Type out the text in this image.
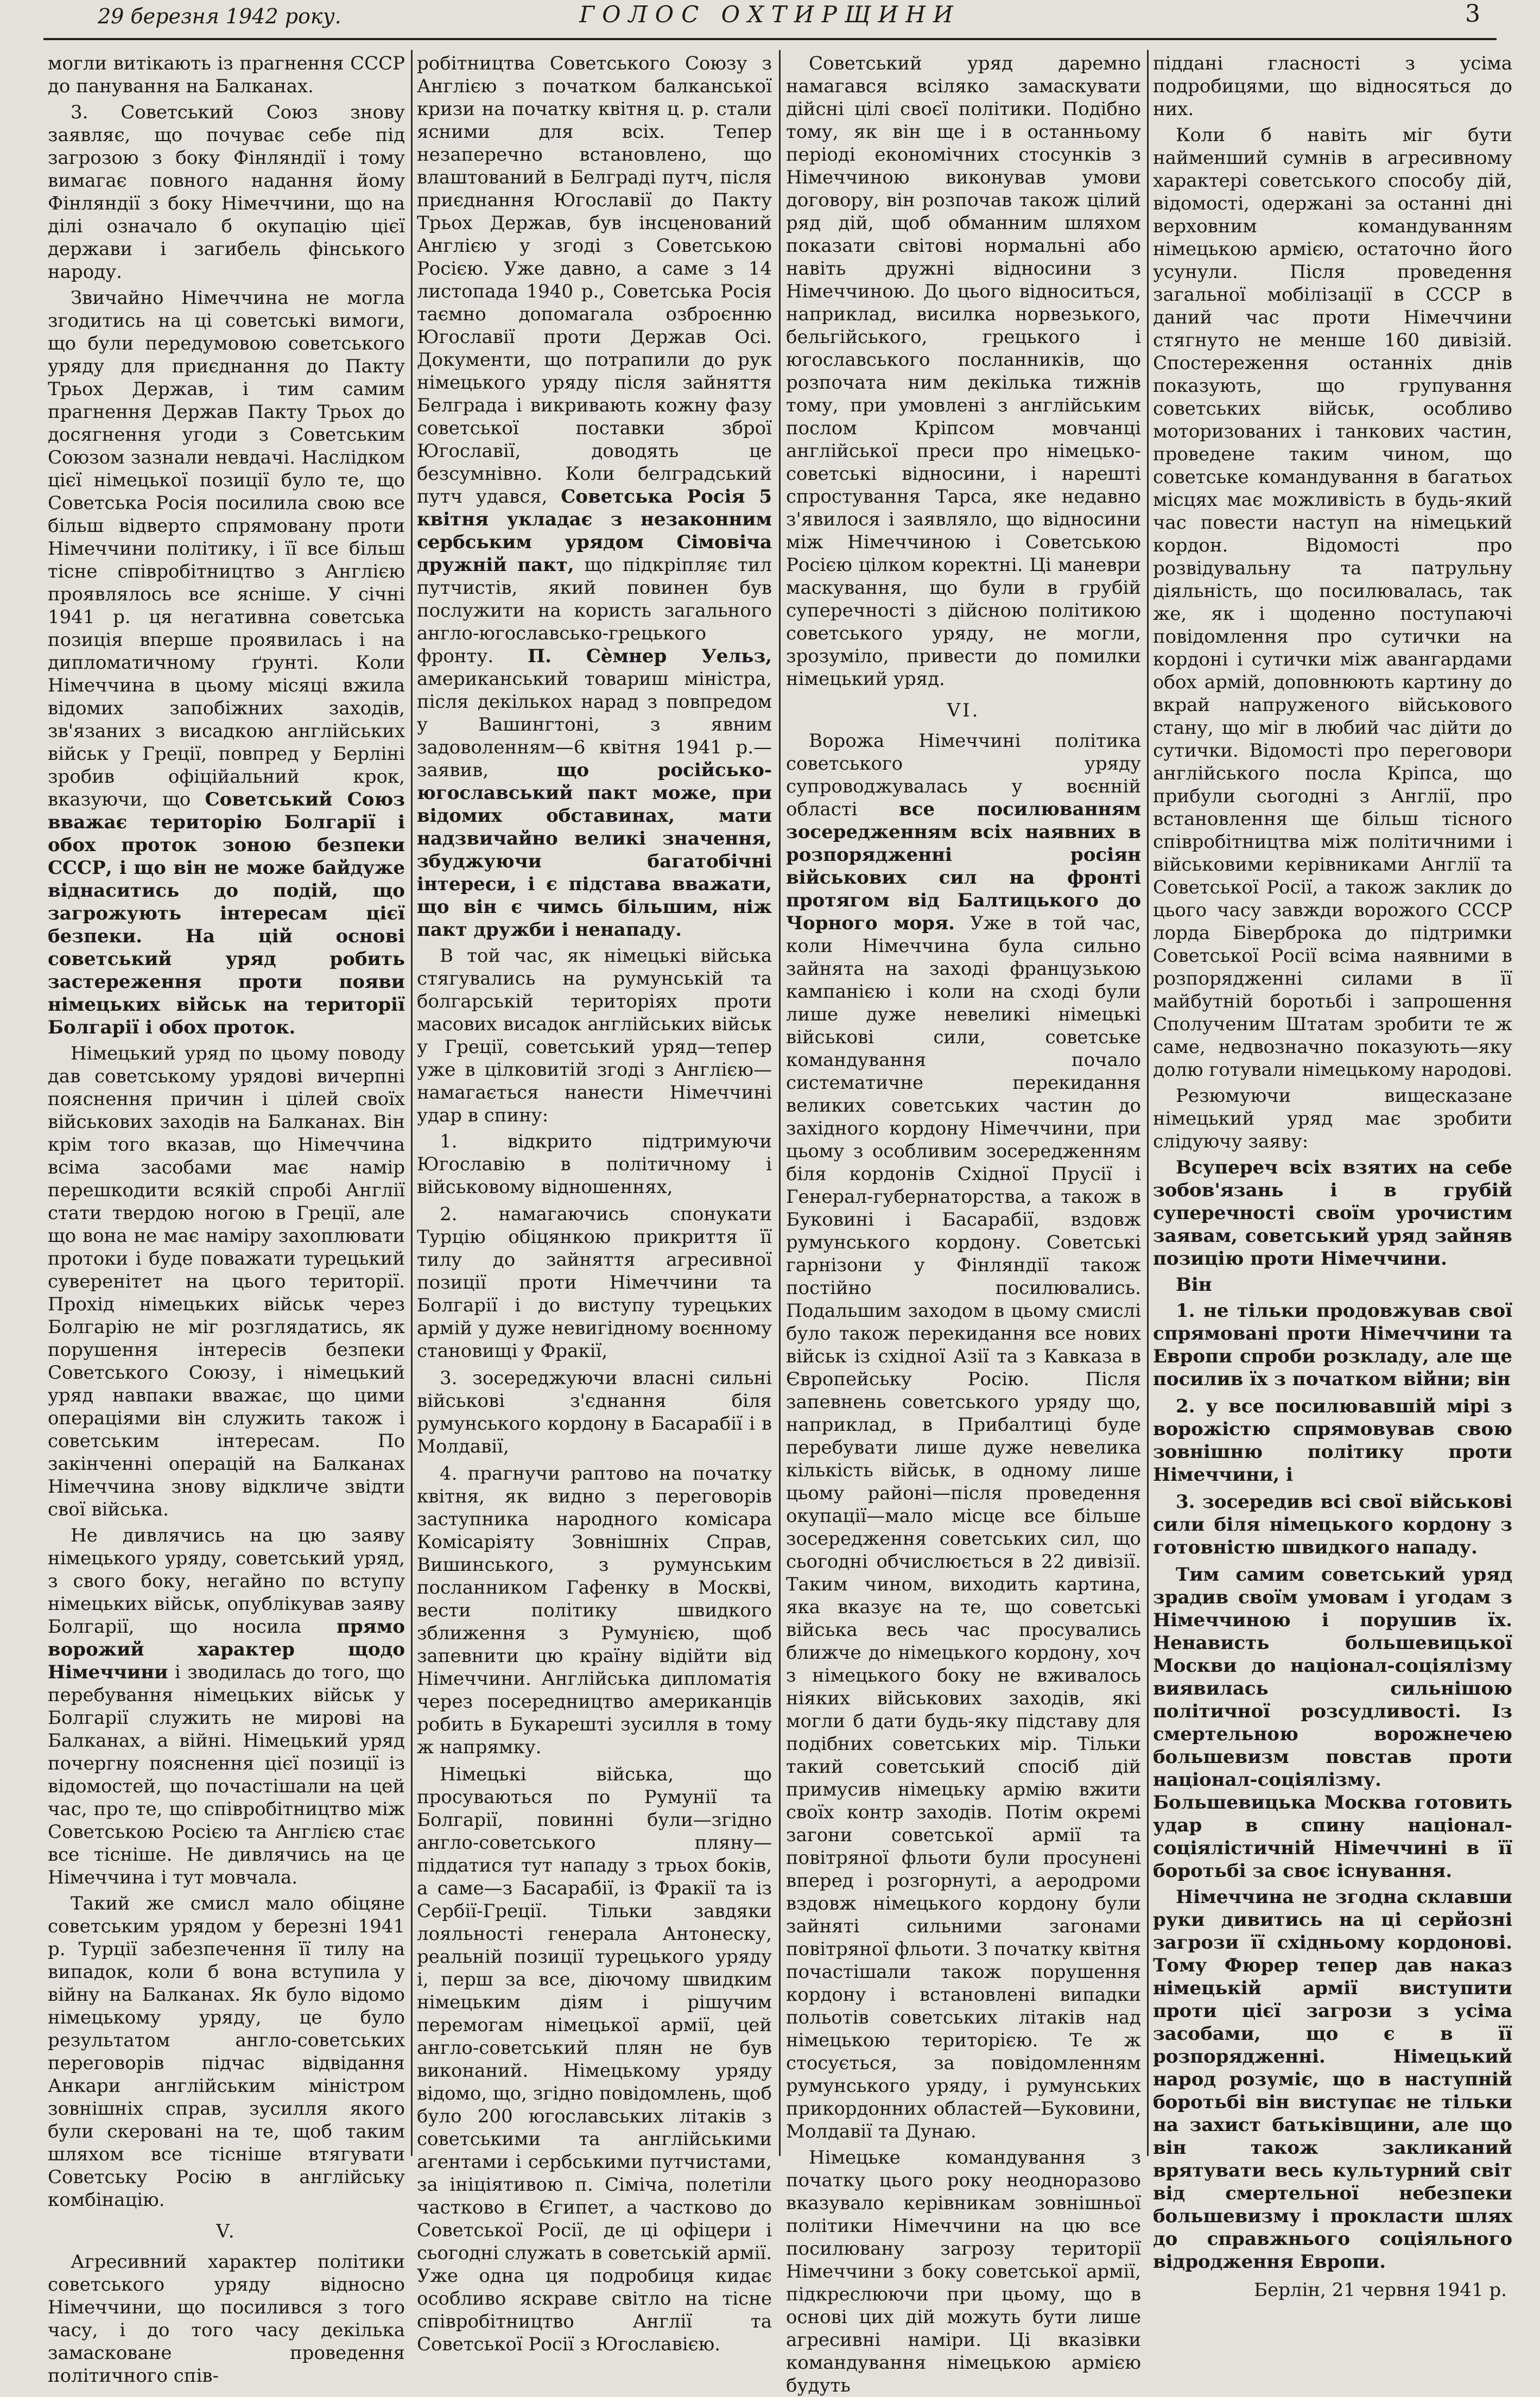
29 березня 1942 року.	ГОЛОС ОХТИРЩИНИ	3

могли витікають із прагнення СССР до панування на Балканах.

3. Советський Союз знову заявляє, що почуває себе під загрозою з боку Фінляндії і тому вимагає повного надання йому Фінляндії з боку Німеччини, що на ділі означало б окупацію цієї держави і загибель фінського народу.

Звичайно Німеччина не могла згодитись на ці советські вимоги, що були передумовою советського уряду для приєднання до Пакту Трьох Держав, і тим самим прагнення Держав Пакту Трьох до досягнення угоди з Советським Союзом зазнали невдачі. Наслідком цієї німецької позиції було те, що Советська Росія посилила свою все більш відверто спрямовану проти Німеччини політику, і її все більш тісне співробітництво з Англією проявлялось все ясніше. У січні 1941 р. ця негативна советська позиція вперше проявилась і на дипломатичному ґрунті. Коли Німеччина в цьому місяці вжила відомих запобіжних заходів, зв'язаних з висадкою англійських військ у Греції, повпред у Берліні зробив офіційальний крок, вказуючи, що Советський Союз вважає територію Болгарії і обох проток зоною безпеки СССР, і що він не може байдуже віднаситись до подій, що загрожують інтересам цієї безпеки. На цій основі советський уряд робить застереження проти появи німецьких військ на території Болгарії і обох проток.

Німецький уряд по цьому поводу дав советському урядові вичерпні пояснення причин і цілей своїх військових заходів на Балканах. Він крім того вказав, що Німеччина всіма засобами має намір перешкодити всякій спробі Англії стати твердою ногою в Греції, але що вона не має наміру захоплювати протоки і буде поважати турецький суверенітет на цього території. Прохід німецьких військ через Болгарію не міг розглядатись, як порушення інтересів безпеки Советського Союзу, і німецький уряд навпаки вважає, що цими операціями він служить також і советським інтересам. По закінченні операцій на Балканах Німеччина знову відкличе звідти свої війська.

Не дивлячись на цю заяву німецького уряду, советський уряд, з свого боку, негайно по вступу німецьких військ, опублікував заяву Болгарії, що носила прямо ворожий характер щодо Німеччини і зводилась до того, що перебування німецьких військ у Болгарії служить не мирові на Балканах, а війні. Німецький уряд почергну пояснення цієї позиції із відомостей, що почастішали на цей час, про те, що співробітництво між Советською Росією та Англією стає все тісніше. Не дивлячись на це Німеччина і тут мовчала.

Такий же смисл мало обіцяне советським урядом у березні 1941 р. Турції забезпечення її тилу на випадок, коли б вона вступила у війну на Балканах. Як було відомо німецькому уряду, це було результатом англо-советських переговорів підчас відвідання Анкари англійським міністром зовнішніх справ, зусилля якого були скеровані на те, щоб таким шляхом все тісніше втягувати Советську Росію в англійську комбінацію.

V.

Агресивний характер політики советського уряду відносно Німеччини, що посилився з того часу, і до того часу декілька замасковане проведення політичного спів-

робітництва Советського Союзу з Англією з початком балканської кризи на початку квітня ц. р. стали ясними для всіх. Тепер незаперечно встановлено, що влаштований в Белграді путч, після приєднання Югославії до Пакту Трьох Держав, був інсценований Англією у згоді з Советською Росією. Уже давно, а саме з 14 листопада 1940 р., Советська Росія таємно допомагала озброєнню Югославії проти Держав Осі. Документи, що потрапили до рук німецького уряду після зайняття Белграда і викривають кожну фазу советської поставки зброї Югославії, доводять це безсумнівно. Коли белградський путч удався, Советська Росія 5 квітня укладає з незаконним сербським урядом Сімовіча дружній пакт, що підкріпляє тил путчистів, який повинен був послужити на користь загального англо-югославсько-грецького фронту. П. Сѐмнер Уельз, американський товариш міністра, після декількох нарад з повпредом у Вашингтоні, з явним задоволенням—6 квітня 1941 р.—заявив,	що російсько-югославський пакт може, при відомих обставинах, мати надзвичайно великі значення, збуджуючи багатобічні інтереси, і є підстава вважати, що він є чимсь більшим, ніж пакт дружби і ненападу.

В той час, як німецькі війська стягувались на румунській та болгарській територіях проти масових висадок англійських військ у Греції, советський уряд—тепер уже в цілковитій згоді з Англією—намагається нанести Німеччині удар в спину:

1. відкрито підтримуючи Югославію в політичному і військовому відношеннях,

2. намагаючись спонукати Турцію обіцянкою прикриття її тилу до зайняття агресивної позиції проти Німеччини та Болгарії і до виступу турецьких армій у дуже невигідному воєнному становищі у Фракії,

3. зосереджуючи власні сильні військові з'єднання біля румунського кордону в Басарабії і в Молдавії,

4. прагнучи раптово на початку квітня, як видно з переговорів заступника народного комісара Комісаріяту Зовнішніх Справ, Вишинського, з румунським посланником Гафенку в Москві, вести політику швидкого зближення з Румунією, щоб запевнити цю країну відійти від Німеччини. Англійська дипломатія через посередництво американців робить в Букарешті зусилля в тому ж напрямку.

Німецькі війська, що просуваються по Румунії та Болгарії, повинні були—згідно англо-советського пляну—піддатися тут нападу з трьох боків, а саме—з Басарабії, із Фракії та із Сербії-Греції. Тільки завдяки лояльності генерала Антонеску, реальній позиції турецького уряду і, перш за все, діючому швидким німецьким діям і рішучим перемогам німецької армії, цей англо-советський плян не був виконаний. Німецькому уряду відомо, що, згідно повідомлень, щоб було 200 югославських літаків з советськими та англійськими агентами і сербськими путчистами, за ініціятивою п. Сіміча, полетіли частково в Єгипет, а частково до Советської Росії, де ці офіцери і сьогодні служать в советській армії. Уже одна ця подробиця кидає особливо яскраве світло на тісне співробітництво Англії та Советської Росії з Югославією.

Советський уряд даремно намагався всіляко замаскувати дійсні цілі своєї політики. Подібно тому, як він ще і в останньому періоді економічних стосунків з Німеччиною виконував умови договору, він розпочав також цілий ряд дій, щоб обманним шляхом показати світові нормальні або навіть дружні відносини з Німеччиною. До цього відноситься, наприклад, висилка норвезького, бельгійського, грецького і югославського посланників, що розпочата ним декілька тижнів тому, при умовлені з англійським послом Кріпсом мовчанці англійської преси про німецько-советські відносини, і нарешті спростування Тарса, яке недавно з'явилося і заявляло, що відносини між Німеччиною і Советською Росією цілком коректні. Ці маневри маскування, що були в грубій суперечності з дійсною політикою советського уряду, не могли, зрозуміло, привести до помилки німецький уряд.

VI.

Ворожа Німеччині політика советського уряду супроводжувалась у воєнній області все посилюванням зосередженням всіх наявних в розпорядженні росіян військових сил на фронті протягом від Балтицького до Чорного моря. Уже в той час, коли Німеччина була сильно зайнята на заході французькою кампанією і коли на сході були лише дуже невеликі німецькі військові сили, советське командування почало систематичне перекидання великих советських частин до західного кордону Німеччини, при цьому з особливим зосередженням біля кордонів Східної Прусії і Генерал-губернаторства, а також в Буковині і Басарабії, вздовж румунського кордону. Советські гарнізони у Фінляндії також постійно посилювались. Подальшим заходом в цьому смислі було також перекидання все нових військ із східної Азії та з Кавказа в Європейську Росію. Після запевнень советського уряду що, наприклад, в Прибалтиці буде перебувати лише дуже невелика кількість військ, в одному лише цьому районі—після проведення окупації—мало місце все більше зосередження советських сил, що сьогодні обчислюється в 22 дивізії. Таким чином, виходить картина, яка вказує на те, що советські війська весь час просувались ближче до німецького кордону, хоч з німецького боку не вживалось ніяких військових заходів, які могли б дати будь-яку підставу для подібних советських мір. Тільки такий советський спосіб дій примусив німецьку армію вжити своїх контр заходів. Потім окремі загони советської армії та повітряної фльоти були просунені вперед і розгорнуті, а аеродроми вздовж німецького кордону були зайняті сильними загонами повітряної фльоти. З початку квітня почастішали також порушення кордону і встановлені випадки польотів советських літаків над німецькою територією. Те ж стосується, за повідомленням румунського уряду, і румунських прикордонних областей—Буковини, Молдавії та Дунаю.

Німецьке командування з початку цього року неодноразово вказувало керівникам зовнішньої політики Німеччини на цю все посилювану загрозу території Німеччини з боку советської армії, підкреслюючи при цьому, що в основі цих дій можуть бути лише агресивні наміри. Ці вказівки командування німецькою армією будуть

піддані гласності з усіма подробицями, що відносяться до них.

Коли б навіть міг бути найменший сумнів в агресивному характері советського способу дій, відомості, одержані за останні дні верховним командуванням німецькою армією, остаточно його усунули. Після проведення загальної мобілізації в СССР в даний час проти Німеччини стягнуто не менше 160 дивізій. Спостереження останніх днів показують, що групування советських військ, особливо моторизованих і танкових частин, проведене таким чином, що советське командування в багатьох місцях має можливість в будь-який час повести наступ на німецький кордон. Відомості про розвідувальну та патрульну діяльність, що посилювалась, так же, як і щоденно поступаючі повідомлення про сутички на кордоні і сутички між авангардами обох армій, доповнюють картину до вкрай напруженого військового стану, що міг в любий час дійти до сутички. Відомості про переговори англійського посла Кріпса, що прибули сьогодні з Англії, про встановлення ще більш тісного співробітництва між політичними і військовими керівниками Англії та Советської Росії, а також заклик до цього часу завжди ворожого СССР лорда Біверброка до підтримки Советської Росії всіма наявними в розпорядженні силами в її майбутній боротьбі і запрошення Сполученим Штатам зробити те ж саме, недвозначно показують—яку долю готували німецькому народові.

Резюмуючи вищесказане німецький уряд має зробити слідуючу заяву:

Всупереч всіх взятих на себе зобов'язань і в грубій суперечності своїм урочистим заявам, советський уряд зайняв позицію проти Німеччини.

Він

1. не тільки продовжував свої спрямовані проти Німеччини та Европи спроби розкладу, але ще посилив їх з початком війни; він

2. у все посилювавшій мірі з ворожістю спрямовував свою зовнішню політику проти Німеччини, і

3. зосередив всі свої військові сили біля німецького кордону з готовністю швидкого нападу.

Тим самим советський уряд зрадив своїм умовам і угодам з Німеччиною і порушив їх. Ненависть большевицької Москви до націонал-соціялізму виявилась сильнішою політичної розсудливості. Із смертельною ворожнечею большевизм повстав проти націонал-соціялізму. Большевицька Москва готовить удар в спину націонал-соціялістичній Німеччині в її боротьбі за своє існування.

Німеччина не згодна склавши руки дивитись на ці серйозні загрози її східньому кордонові. Тому Фюрер тепер дав наказ німецькій армії виступити проти цієї загрози з усіма засобами, що є в її розпорядженні. Німецький народ розуміє, що в наступній боротьбі він виступає не тільки на захист батьківщини, але що він також закликаний врятувати весь культурний світ від смертельної небезпеки большевизму і прокласти шлях до справжнього соціяльного відродження Европи.

Берлін, 21 червня 1941 р.
